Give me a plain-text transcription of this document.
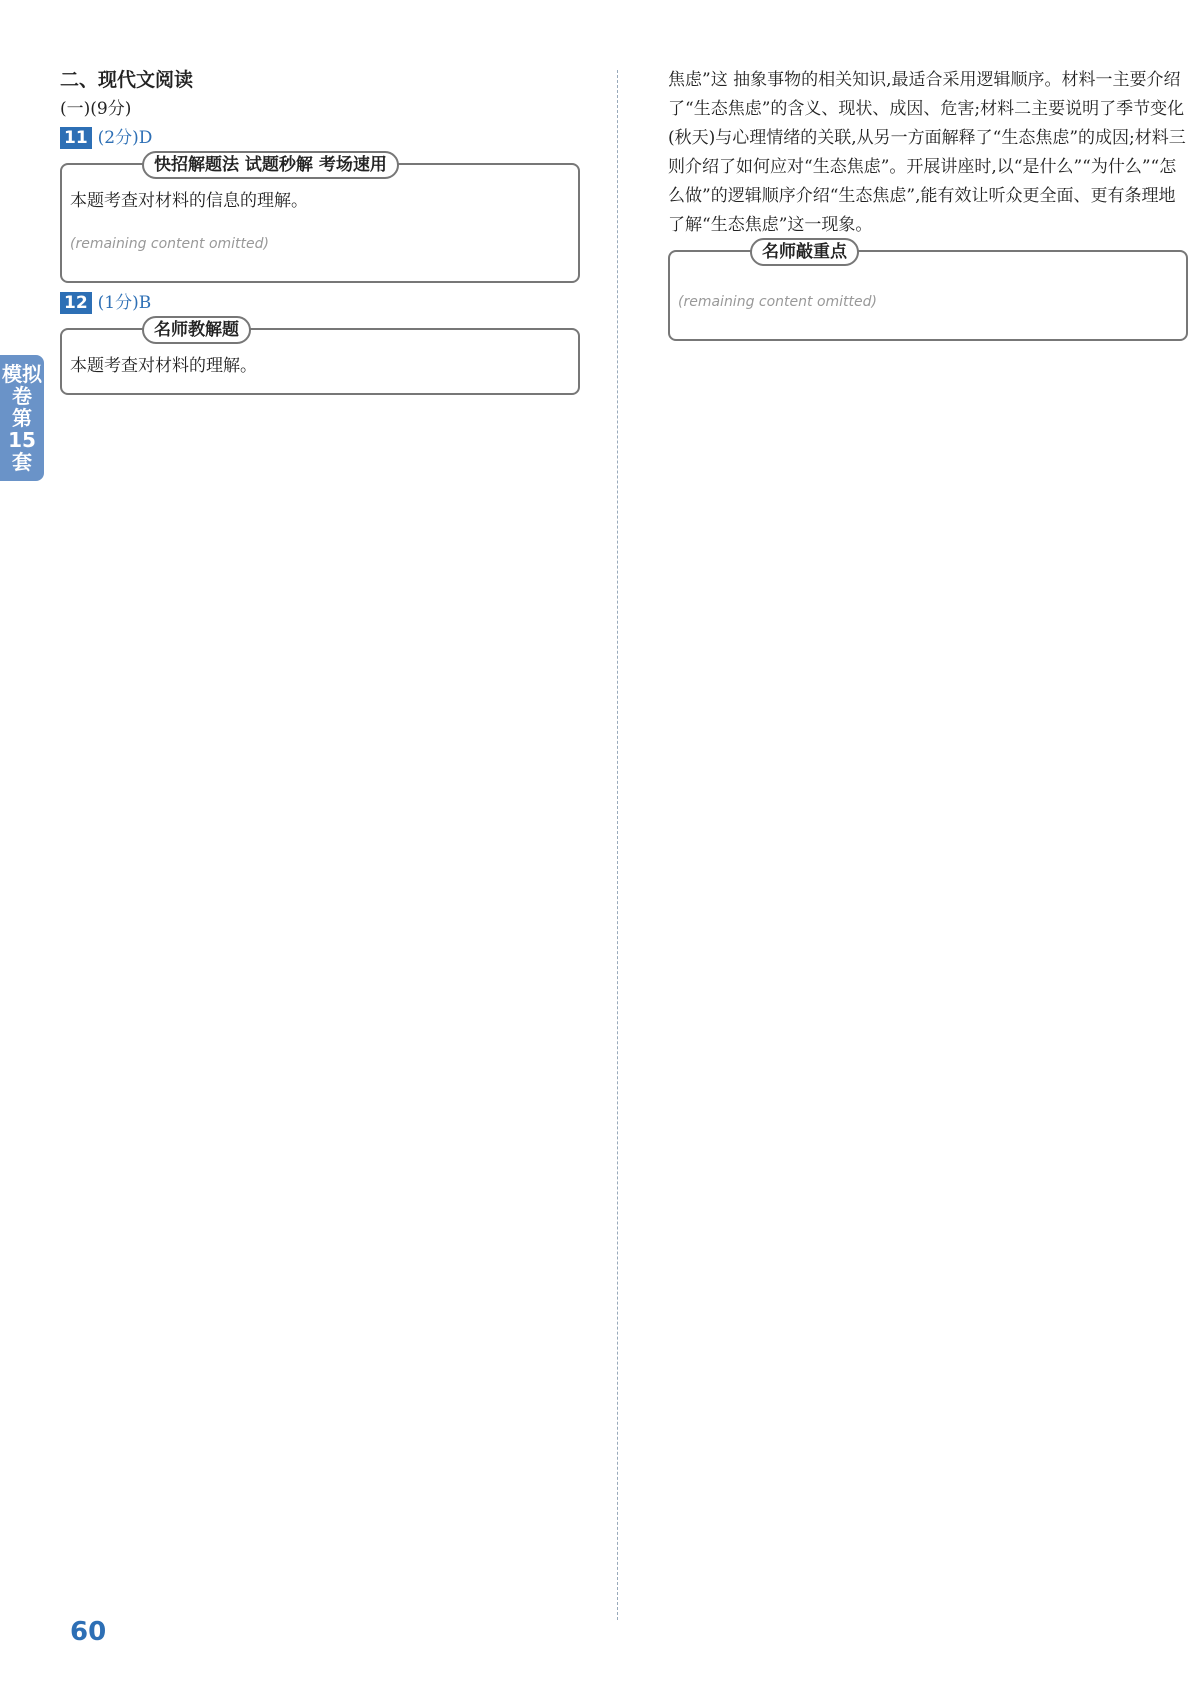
模拟卷 第15套
二、现代文阅读
(一)(9分)
11 (2分)D
快招解题法 试题秒解 考场速用

本题考查对材料的信息的理解。

(remaining content omitted)

12 (1分)B
名师教解题

本题考查对材料的理解。

焦虑”这 抽象事物的相关知识,最适合采用逻辑顺序。材料一主要介绍了“生态焦虑”的含义、现状、成因、危害;材料二主要说明了季节变化(秋天)与心理情绪的关联,从另一方面解释了“生态焦虑”的成因;材料三则介绍了如何应对“生态焦虑”。开展讲座时,以“是什么”“为什么”“怎么做”的逻辑顺序介绍“生态焦虑”,能有效让听众更全面、更有条理地了解“生态焦虑”这一现象。

名师敲重点

(remaining content omitted)

60
